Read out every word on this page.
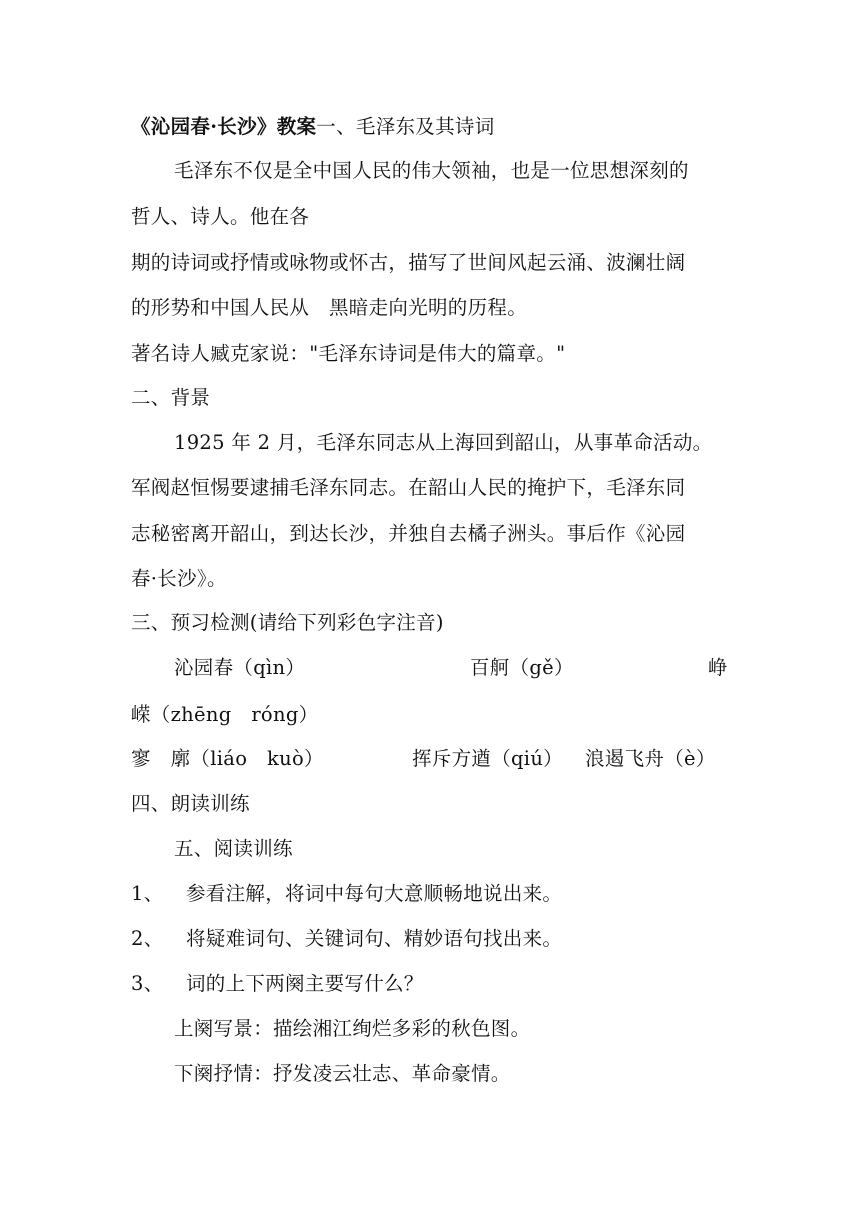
《沁园春·长沙》教案一、毛泽东及其诗词
毛泽东不仅是全中国人民的伟大领袖，也是一位思想深刻的
哲人、诗人。他在各
期的诗词或抒情或咏物或怀古，描写了世间风起云涌、波澜壮阔
的形势和中国人民从　黑暗走向光明的历程。
著名诗人臧克家说："毛泽东诗词是伟大的篇章。"
二、背景
1925 年 2 月，毛泽东同志从上海回到韶山，从事革命活动。
军阀赵恒惕要逮捕毛泽东同志。在韶山人民的掩护下，毛泽东同
志秘密离开韶山，到达长沙，并独自去橘子洲头。事后作《沁园
春·长沙》。
三、预习检测(请给下列彩色字注音)
沁园春（qìn）	百舸（gě）	峥
嵘（zhēng　róng）
寥　廓（liáo　kuò）	挥斥方遒（qiú） 浪遏飞舟（è）
四、朗读训练
五、阅读训练
1、 参看注解，将词中每句大意顺畅地说出来。
2、 将疑难词句、关键词句、精妙语句找出来。
3、 词的上下两阕主要写什么？
上阕写景：描绘湘江绚烂多彩的秋色图。
下阕抒情：抒发凌云壮志、革命豪情。
